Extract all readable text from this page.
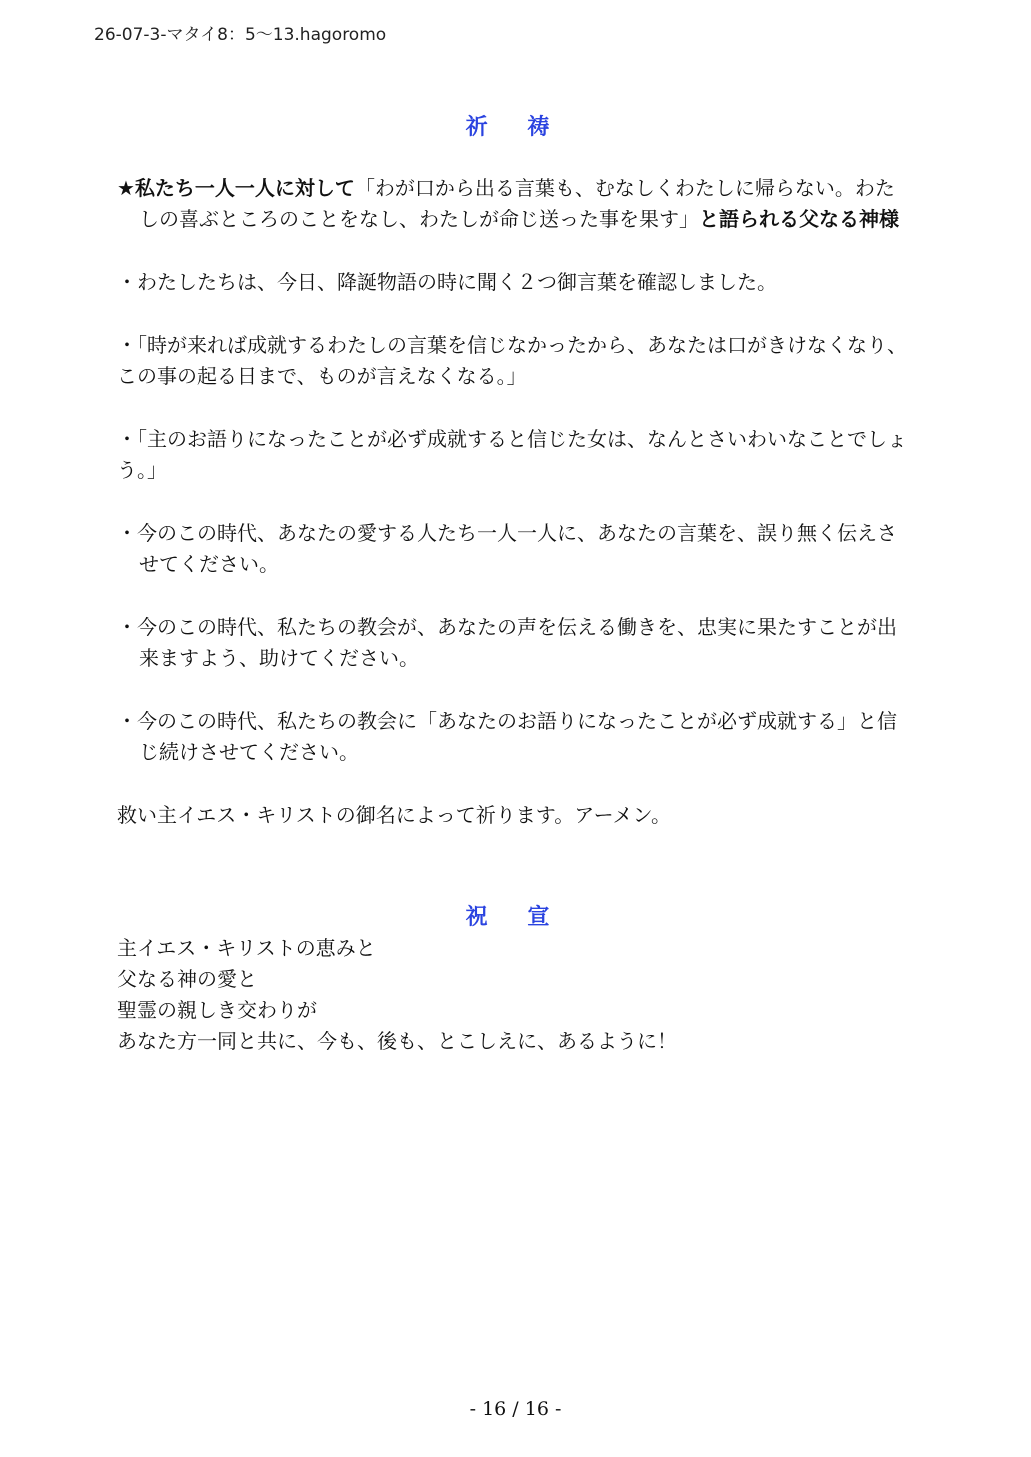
26-07-3-マタイ8：5〜13.hagoromo
祈 祷

★私たち一人一人に対して「わが口から出る言葉も、むなしくわたしに帰らない。わたしの喜ぶところのことをなし、わたしが命じ送った事を果す」と語られる父なる神様

・わたしたちは、今日、降誕物語の時に聞く２つ御言葉を確認しました。

・「時が来れば成就するわたしの言葉を信じなかったから、あなたは口がきけなくなり、この事の起る日まで、ものが言えなくなる。」

・「主のお語りになったことが必ず成就すると信じた女は、なんとさいわいなことでしょう。」

・今のこの時代、あなたの愛する人たち一人一人に、あなたの言葉を、誤り無く伝えさせてください。

・今のこの時代、私たちの教会が、あなたの声を伝える働きを、忠実に果たすことが出来ますよう、助けてください。

・今のこの時代、私たちの教会に「あなたのお語りになったことが必ず成就する」と信じ続けさせてください。

救い主イエス・キリストの御名によって祈ります。アーメン。

祝 宣

主イエス・キリストの恵みと

父なる神の愛と

聖霊の親しき交わりが

あなた方一同と共に、今も、後も、とこしえに、あるように！

- 16 / 16 -
